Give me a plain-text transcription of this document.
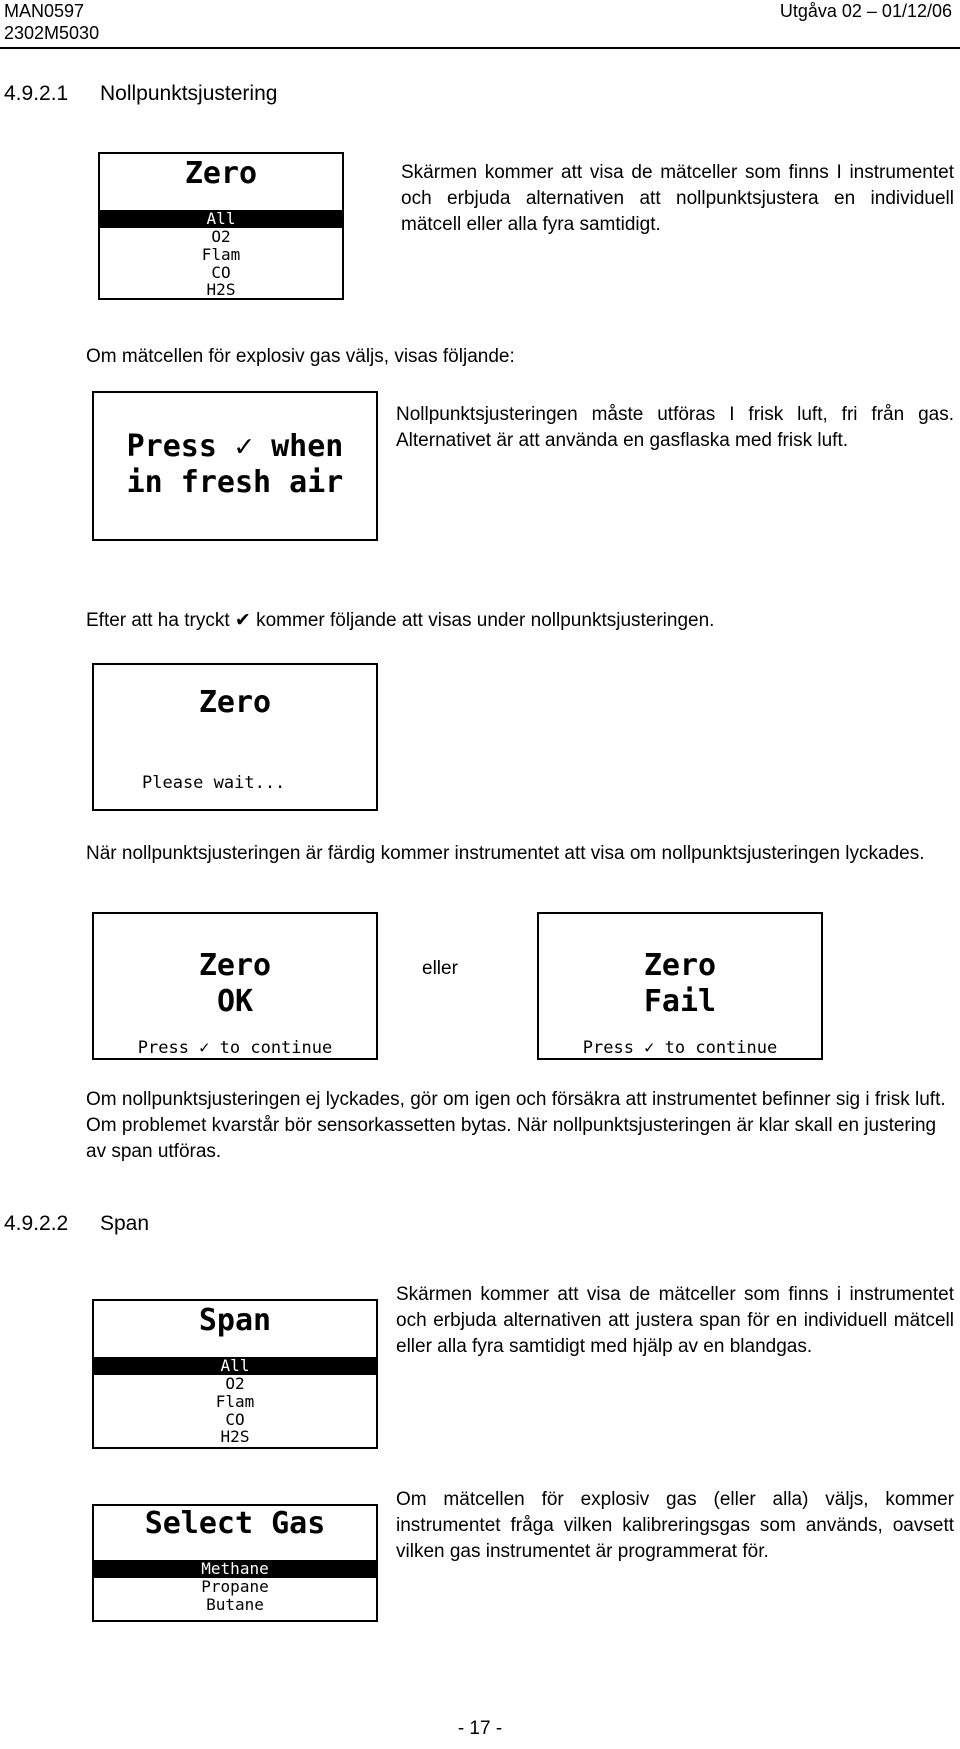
MAN0597
2302M5030
Utgåva 02 – 01/12/06
4.9.2.1 Nollpunktsjustering
Zero
All
O2
Flam
CO
H2S
Skärmen kommer att visa de mätceller som finns I instrumentet och erbjuda alternativen att nollpunktsjustera en individuell mätcell eller alla fyra samtidigt.
Om mätcellen för explosiv gas väljs, visas följande:
Press ✓ when
in fresh air
Nollpunktsjusteringen måste utföras I frisk luft, fri från gas. Alternativet är att använda en gasflaska med frisk luft.
Efter att ha tryckt ✔ kommer följande att visas under nollpunktsjusteringen.
Zero
Please wait...
När nollpunktsjusteringen är färdig kommer instrumentet att visa om nollpunktsjusteringen lyckades.
Zero
OK
Press ✓ to continue
eller	Zero
Fail
Press ✓ to continue
Om nollpunktsjusteringen ej lyckades, gör om igen och försäkra att instrumentet befinner sig i frisk luft. Om problemet kvarstår bör sensorkassetten bytas. När nollpunktsjusteringen är klar skall en justering av span utföras.
4.9.2.2 Span
Span
All
O2
Flam
CO
H2S
Skärmen kommer att visa de mätceller som finns i instrumentet och erbjuda alternativen att justera span för en individuell mätcell eller alla fyra samtidigt med hjälp av en blandgas.
Select Gas
Methane
Propane
Butane
Om mätcellen för explosiv gas (eller alla) väljs, kommer instrumentet fråga vilken kalibreringsgas som används, oavsett vilken gas instrumentet är programmerat för.
- 17 -
